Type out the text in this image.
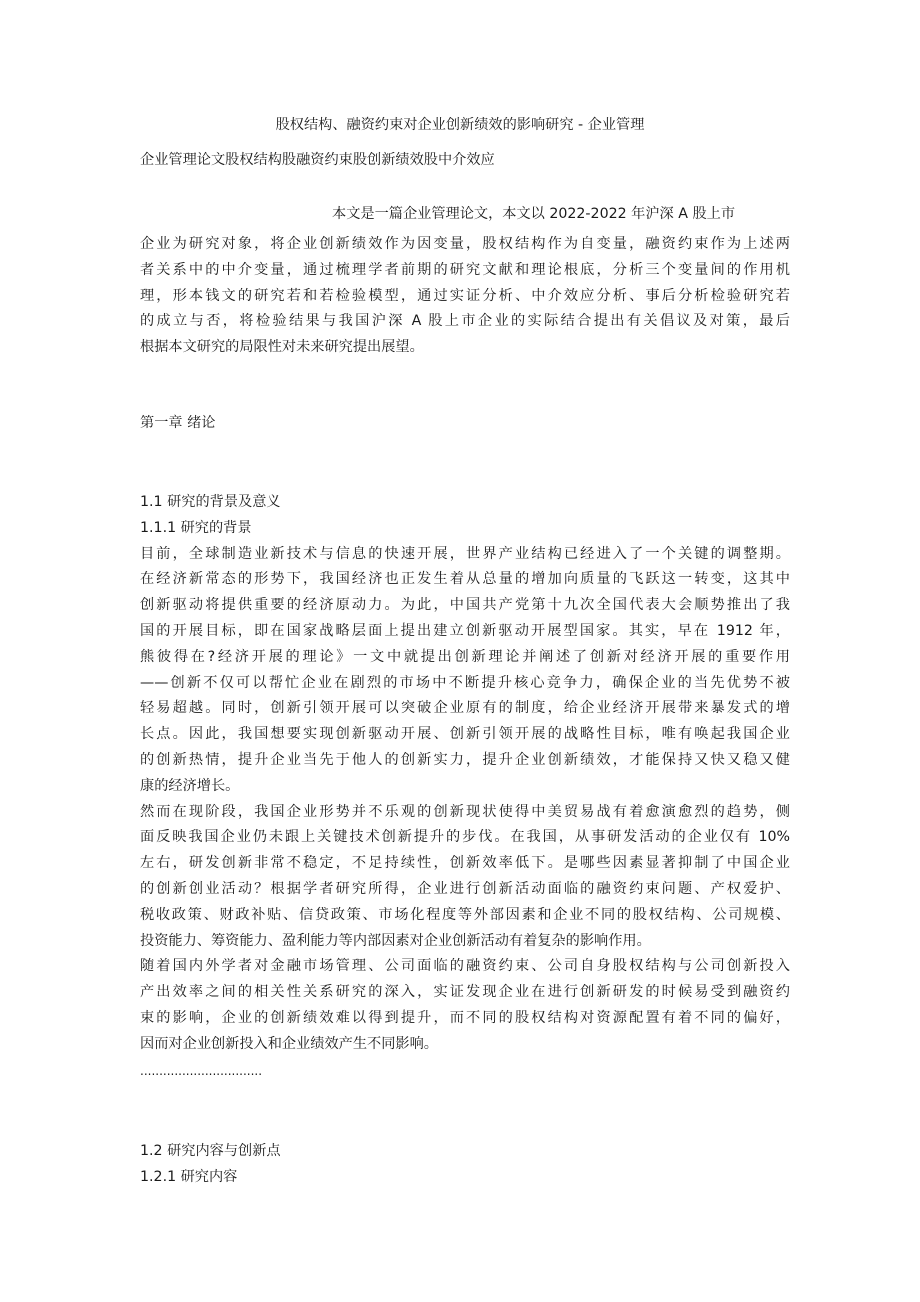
股权结构、融资约束对企业创新绩效的影响研究 - 企业管理
企业管理论文股权结构股融资约束股创新绩效股中介效应
本文是一篇企业管理论文，本文以 2022-2022 年沪深 A 股上市
企业为研究对象，将企业创新绩效作为因变量，股权结构作为自变量，融资约束作为上述两
者关系中的中介变量，通过梳理学者前期的研究文献和理论根底，分析三个变量间的作用机
理，形本钱文的研究若和若检验模型，通过实证分析、中介效应分析、事后分析检验研究若
的成立与否，将检验结果与我国沪深 A 股上市企业的实际结合提出有关倡议及对策，最后
根据本文研究的局限性对未来研究提出展望。
第一章 绪论
1.1 研究的背景及意义
1.1.1 研究的背景
目前，全球制造业新技术与信息的快速开展，世界产业结构已经进入了一个关键的调整期。
在经济新常态的形势下，我国经济也正发生着从总量的增加向质量的飞跃这一转变，这其中
创新驱动将提供重要的经济原动力。为此，中国共产党第十九次全国代表大会顺势推出了我
国的开展目标，即在国家战略层面上提出建立创新驱动开展型国家。其实，早在 1912 年，
熊彼得在?经济开展的理论》一文中就提出创新理论并阐述了创新对经济开展的重要作用
——创新不仅可以帮忙企业在剧烈的市场中不断提升核心竞争力，确保企业的当先优势不被
轻易超越。同时，创新引领开展可以突破企业原有的制度，给企业经济开展带来暴发式的增
长点。因此，我国想要实现创新驱动开展、创新引领开展的战略性目标，唯有唤起我国企业
的创新热情，提升企业当先于他人的创新实力，提升企业创新绩效，才能保持又快又稳又健
康的经济增长。
然而在现阶段，我国企业形势并不乐观的创新现状使得中美贸易战有着愈演愈烈的趋势，侧
面反映我国企业仍未跟上关键技术创新提升的步伐。在我国，从事研发活动的企业仅有 10%
左右，研发创新非常不稳定，不足持续性，创新效率低下。是哪些因素显著抑制了中国企业
的创新创业活动？根据学者研究所得，企业进行创新活动面临的融资约束问题、产权爱护、
税收政策、财政补贴、信贷政策、市场化程度等外部因素和企业不同的股权结构、公司规模、
投资能力、筹资能力、盈利能力等内部因素对企业创新活动有着复杂的影响作用。
随着国内外学者对金融市场管理、公司面临的融资约束、公司自身股权结构与公司创新投入
产出效率之间的相关性关系研究的深入，实证发现企业在进行创新研发的时候易受到融资约
束的影响，企业的创新绩效难以得到提升，而不同的股权结构对资源配置有着不同的偏好，
因而对企业创新投入和企业绩效产生不同影响。
................................
1.2 研究内容与创新点
1.2.1 研究内容
